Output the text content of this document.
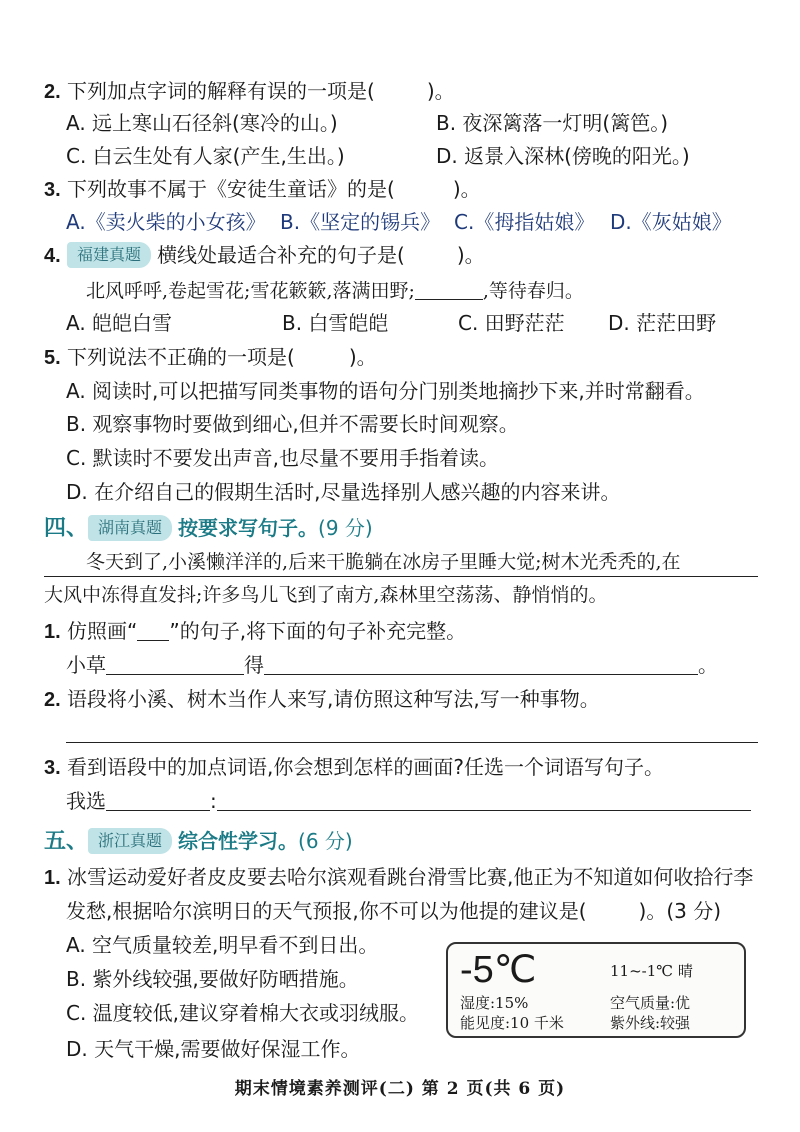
2. 下列加点字词的解释有误的一项是(	)。
A. 远上寒山石径斜(寒冷的山。)	B. 夜深篱落一灯明(篱笆。)
C. 白云生处有人家(产生,生出。)	D. 返景入深林(傍晚的阳光。)
3. 下列故事不属于《安徒生童话》的是(	)。
A.《卖火柴的小女孩》 B.《坚定的锡兵》 C.《拇指姑娘》 D.《灰姑娘》
4. 福建真题 横线处最适合补充的句子是(	)。
北风呼呼,卷起雪花;雪花簌簌,落满田野;	,等待春归。
A. 皑皑白雪	B. 白雪皑皑	C. 田野茫茫 D. 茫茫田野
5. 下列说法不正确的一项是(	)。
A. 阅读时,可以把描写同类事物的语句分门别类地摘抄下来,并时常翻看。
B. 观察事物时要做到细心,但并不需要长时间观察。
C. 默读时不要发出声音,也尽量不要用手指着读。
D. 在介绍自己的假期生活时,尽量选择别人感兴趣的内容来讲。
四、 湖南真题 按要求写句子。(9 分)
冬天到了,小溪懒洋洋的,后来干脆躺在冰房子里睡大觉;树木光秃秃的,在
大风中冻得直发抖;许多鸟儿飞到了南方,森林里空荡荡、静悄悄的。
1. 仿照画“ ”的句子,将下面的句子补充完整。
小草	得	。
2. 语段将小溪、树木当作人来写,请仿照这种写法,写一种事物。
3. 看到语段中的加点词语,你会想到怎样的画面?任选一个词语写句子。
我选	:
五、 浙江真题 综合性学习。(6 分)
1. 冰雪运动爱好者皮皮要去哈尔滨观看跳台滑雪比赛,他正为不知道如何收拾行李
发愁,根据哈尔滨明日的天气预报,你不可以为他提的建议是(	)。(3 分)
A. 空气质量较差,明早看不到日出。
B. 紫外线较强,要做好防晒措施。
C. 温度较低,建议穿着棉大衣或羽绒服。
D. 天气干燥,需要做好保湿工作。
-5℃	11~-1℃ 晴
湿度:15%	空气质量:优
能见度:10 千米	紫外线:较强
期末情境素养测评(二) 第 2 页(共 6 页)
